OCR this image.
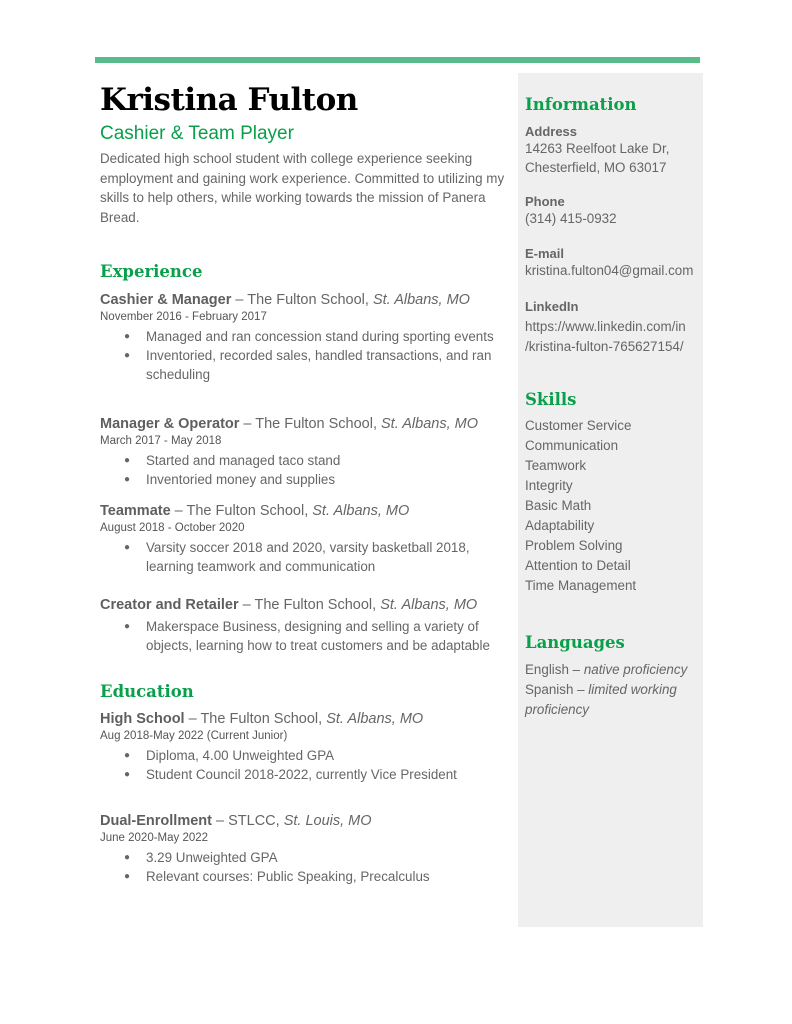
Kristina Fulton
Cashier & Team Player
Dedicated high school student with college experience seeking employment and gaining work experience. Committed to utilizing my skills to help others, while working towards the mission of Panera Bread.
Experience
Cashier & Manager – The Fulton School, St. Albans, MO
November 2016 - February 2017
● Managed and ran concession stand during sporting events
● Inventoried, recorded sales, handled transactions, and ran scheduling
Manager & Operator – The Fulton School, St. Albans, MO
March 2017 - May 2018
● Started and managed taco stand
● Inventoried money and supplies
Teammate – The Fulton School, St. Albans, MO
August 2018 - October 2020
● Varsity soccer 2018 and 2020, varsity basketball 2018, learning teamwork and communication
Creator and Retailer – The Fulton School, St. Albans, MO
● Makerspace Business, designing and selling a variety of objects, learning how to treat customers and be adaptable
Education
High School – The Fulton School, St. Albans, MO
Aug 2018-May 2022 (Current Junior)
● Diploma, 4.00 Unweighted GPA
● Student Council 2018-2022, currently Vice President
Dual-Enrollment – STLCC, St. Louis, MO
June 2020-May 2022
● 3.29 Unweighted GPA
● Relevant courses: Public Speaking, Precalculus
Information
Address
14263 Reelfoot Lake Dr,
Chesterfield, MO 63017
Phone
(314) 415-0932
E-mail
kristina.fulton04@gmail.com
LinkedIn
https://www.linkedin.com/in
/kristina-fulton-765627154/
Skills
Customer Service
Communication
Teamwork
Integrity
Basic Math
Adaptability
Problem Solving
Attention to Detail
Time Management
Languages
English – native proficiency
Spanish – limited working proficiency
